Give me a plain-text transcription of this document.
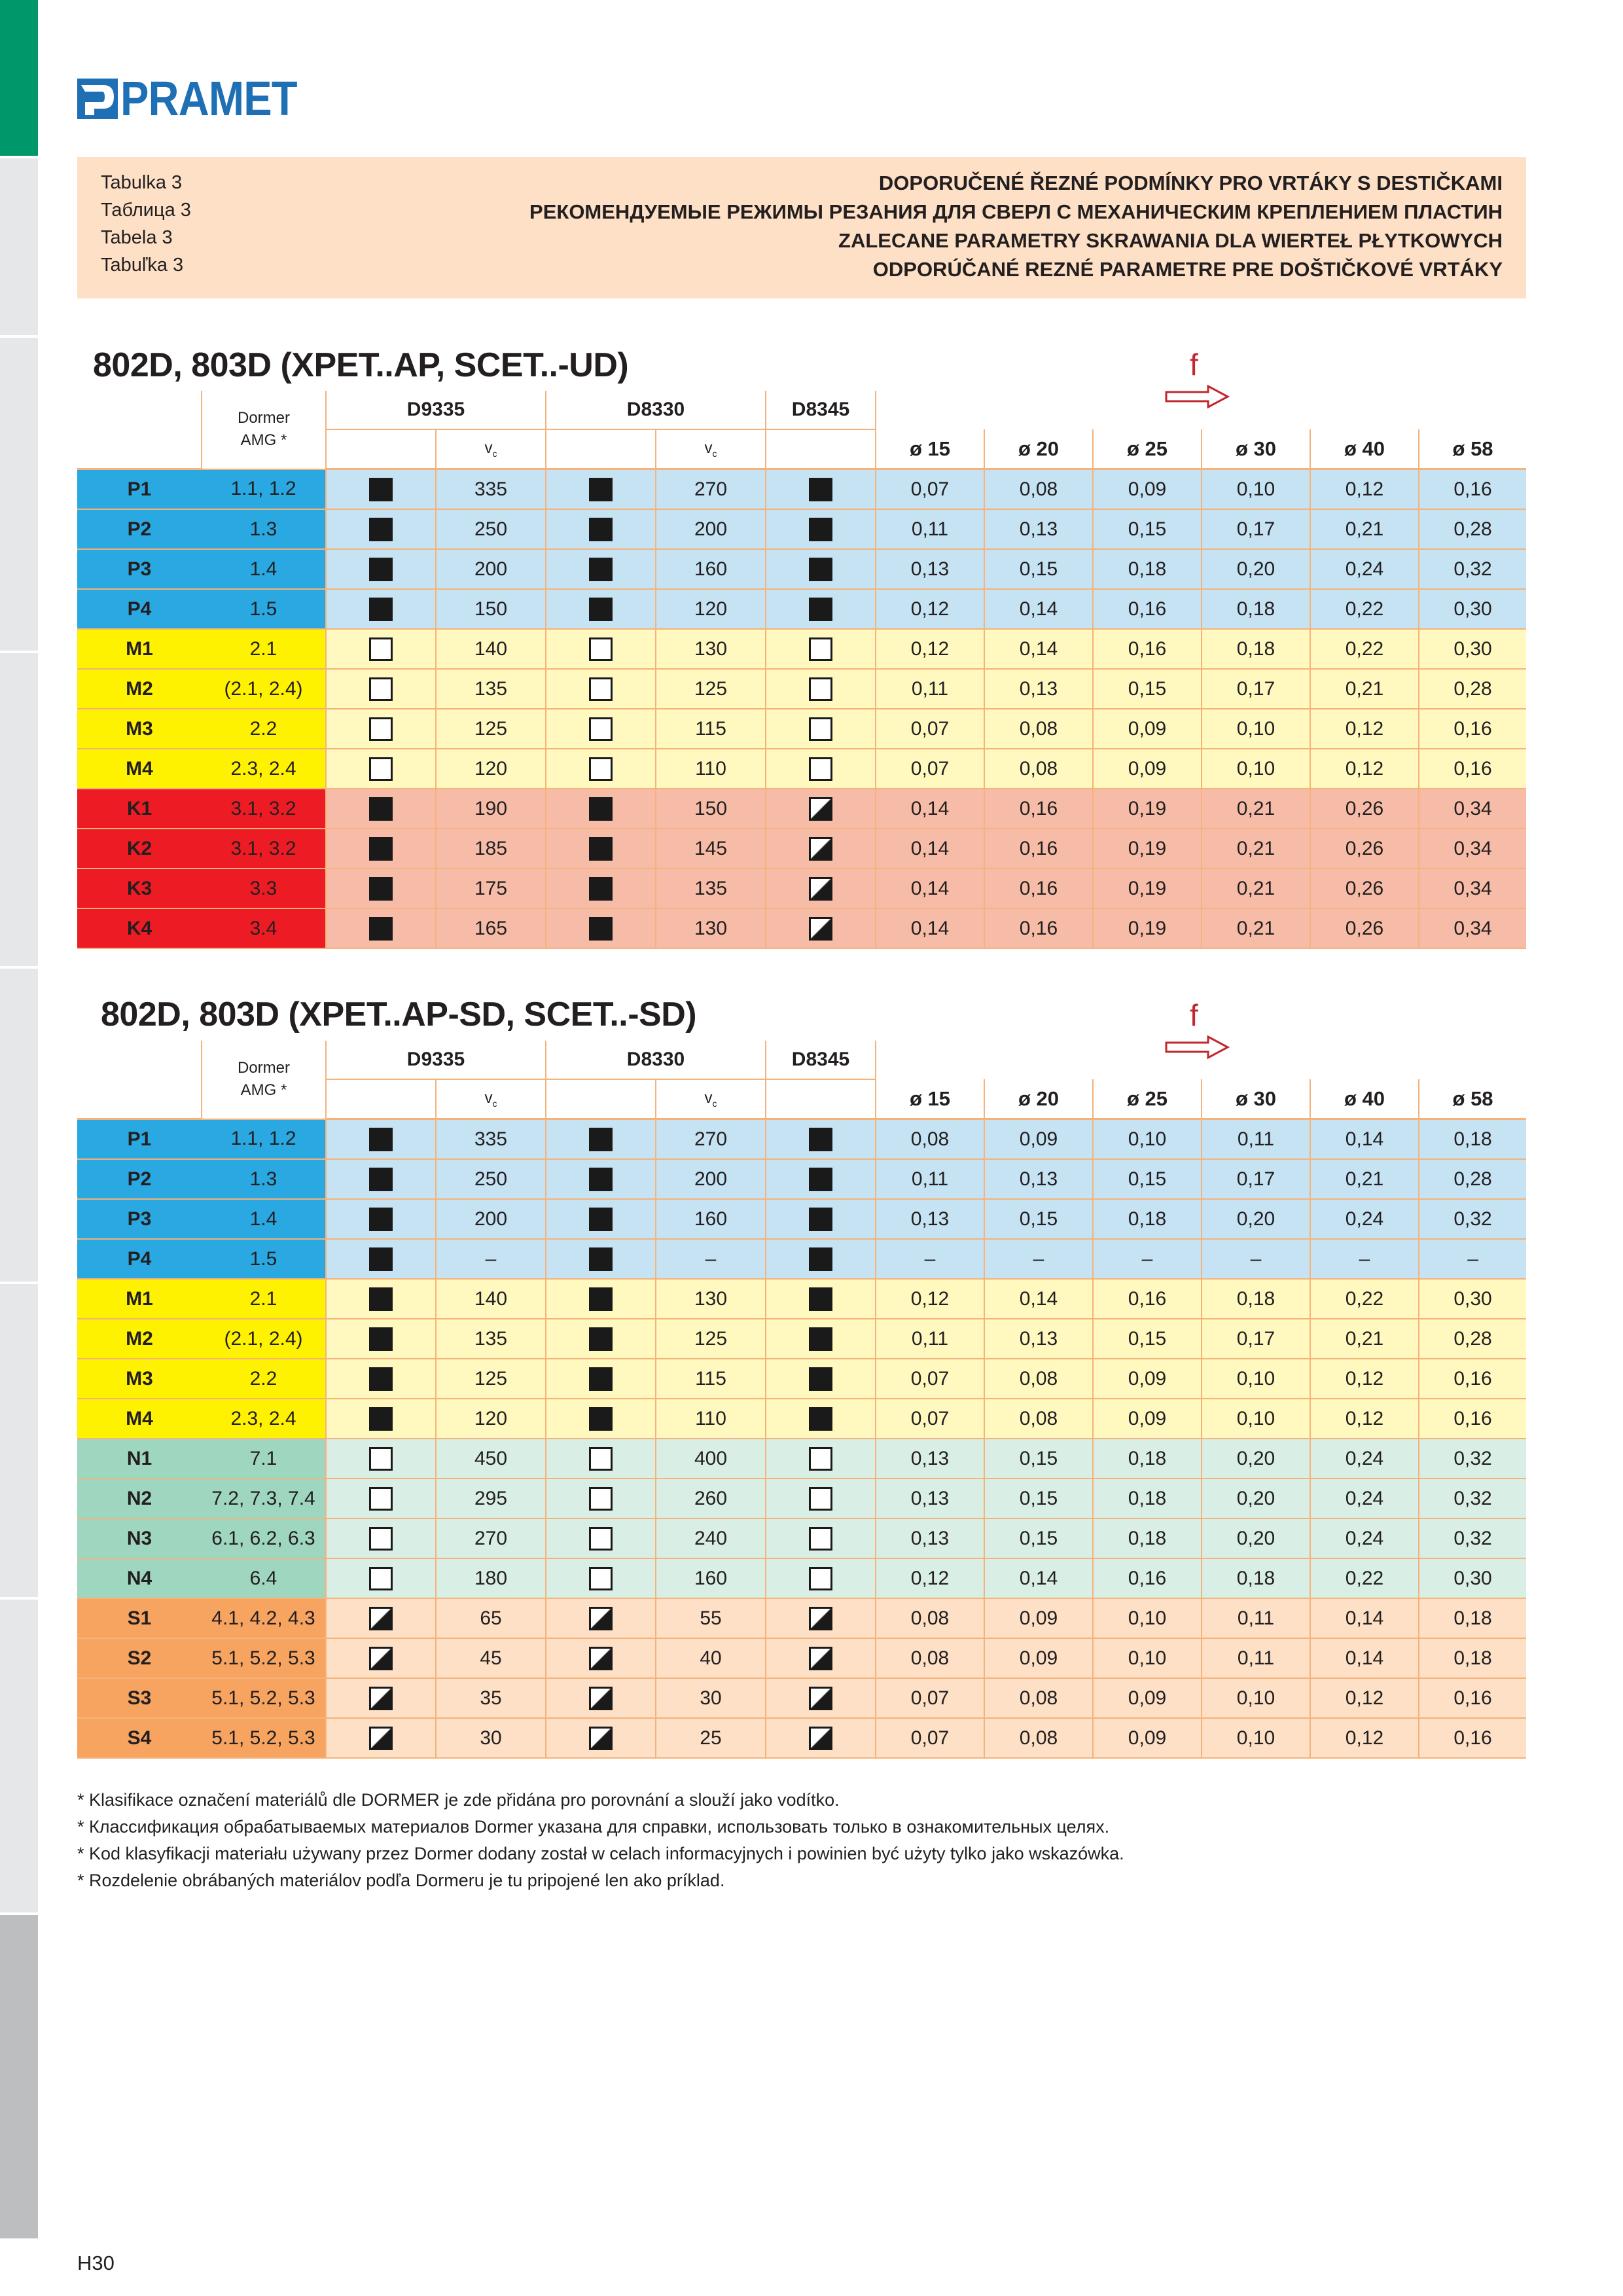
PRAMET
Tabulka 3
Таблица 3
Tabela 3
Tabuľka 3
DOPORUČENÉ ŘEZNÉ PODMÍNKY PRO VRTÁKY S DESTIČKAMI
РЕКОМЕНДУЕМЫЕ РЕЖИМЫ РЕЗАНИЯ ДЛЯ СВЕРЛ С МЕХАНИЧЕСКИМ КРЕПЛЕНИЕМ ПЛАСТИН
ZALECANE PARAMETRY SKRAWANIA DLA WIERTEŁ PŁYTKOWYCH
ODPORÚČANÉ REZNÉ PARAMETRE PRE DOŠTIČKOVÉ VRTÁKY
802D, 803D (XPET..AP, SCET..-UD)	f

	Dormer
AMG *	D9335		D8330		D8345						
			$v_c$		$v_c$		ø 15	ø 20	ø 25	ø 30	ø 40	ø 58
P1	1.1, 1.2		335		270		0,07	0,08	0,09	0,10	0,12	0,16
P2	1.3		250		200		0,11	0,13	0,15	0,17	0,21	0,28
P3	1.4		200		160		0,13	0,15	0,18	0,20	0,24	0,32
P4	1.5		150		120		0,12	0,14	0,16	0,18	0,22	0,30
M1	2.1		140		130		0,12	0,14	0,16	0,18	0,22	0,30
M2	(2.1, 2.4)		135		125		0,11	0,13	0,15	0,17	0,21	0,28
M3	2.2		125		115		0,07	0,08	0,09	0,10	0,12	0,16
M4	2.3, 2.4		120		110		0,07	0,08	0,09	0,10	0,12	0,16
K1	3.1, 3.2		190		150		0,14	0,16	0,19	0,21	0,26	0,34
K2	3.1, 3.2		185		145		0,14	0,16	0,19	0,21	0,26	0,34
K3	3.3		175		135		0,14	0,16	0,19	0,21	0,26	0,34
K4	3.4		165		130		0,14	0,16	0,19	0,21	0,26	0,34
802D, 803D (XPET..AP-SD, SCET..-SD)	f

	Dormer
AMG *	D9335		D8330		D8345						
			$v_c$		$v_c$		ø 15	ø 20	ø 25	ø 30	ø 40	ø 58
P1	1.1, 1.2		335		270		0,08	0,09	0,10	0,11	0,14	0,18
P2	1.3		250		200		0,11	0,13	0,15	0,17	0,21	0,28
P3	1.4		200		160		0,13	0,15	0,18	0,20	0,24	0,32
P4	1.5		–		–		–	–	–	–	–	–
M1	2.1		140		130		0,12	0,14	0,16	0,18	0,22	0,30
M2	(2.1, 2.4)		135		125		0,11	0,13	0,15	0,17	0,21	0,28
M3	2.2		125		115		0,07	0,08	0,09	0,10	0,12	0,16
M4	2.3, 2.4		120		110		0,07	0,08	0,09	0,10	0,12	0,16
N1	7.1		450		400		0,13	0,15	0,18	0,20	0,24	0,32
N2	7.2, 7.3, 7.4		295		260		0,13	0,15	0,18	0,20	0,24	0,32
N3	6.1, 6.2, 6.3		270		240		0,13	0,15	0,18	0,20	0,24	0,32
N4	6.4		180		160		0,12	0,14	0,16	0,18	0,22	0,30
S1	4.1, 4.2, 4.3		65		55		0,08	0,09	0,10	0,11	0,14	0,18
S2	5.1, 5.2, 5.3		45		40		0,08	0,09	0,10	0,11	0,14	0,18
S3	5.1, 5.2, 5.3		35		30		0,07	0,08	0,09	0,10	0,12	0,16
S4	5.1, 5.2, 5.3		30		25		0,07	0,08	0,09	0,10	0,12	0,16
* Klasifikace označení materiálů dle DORMER je zde přidána pro porovnání a slouží jako vodítko.
* Классификация обрабатываемых материалов Dormer указана для справки, использовать только в ознакомительных целях.
* Kod klasyfikacji materiału używany przez Dormer dodany został w celach informacyjnych i powinien być użyty tylko jako wskazówka.
* Rozdelenie obrábaných materiálov podľa Dormeru je tu pripojené len ako príklad.
H30
